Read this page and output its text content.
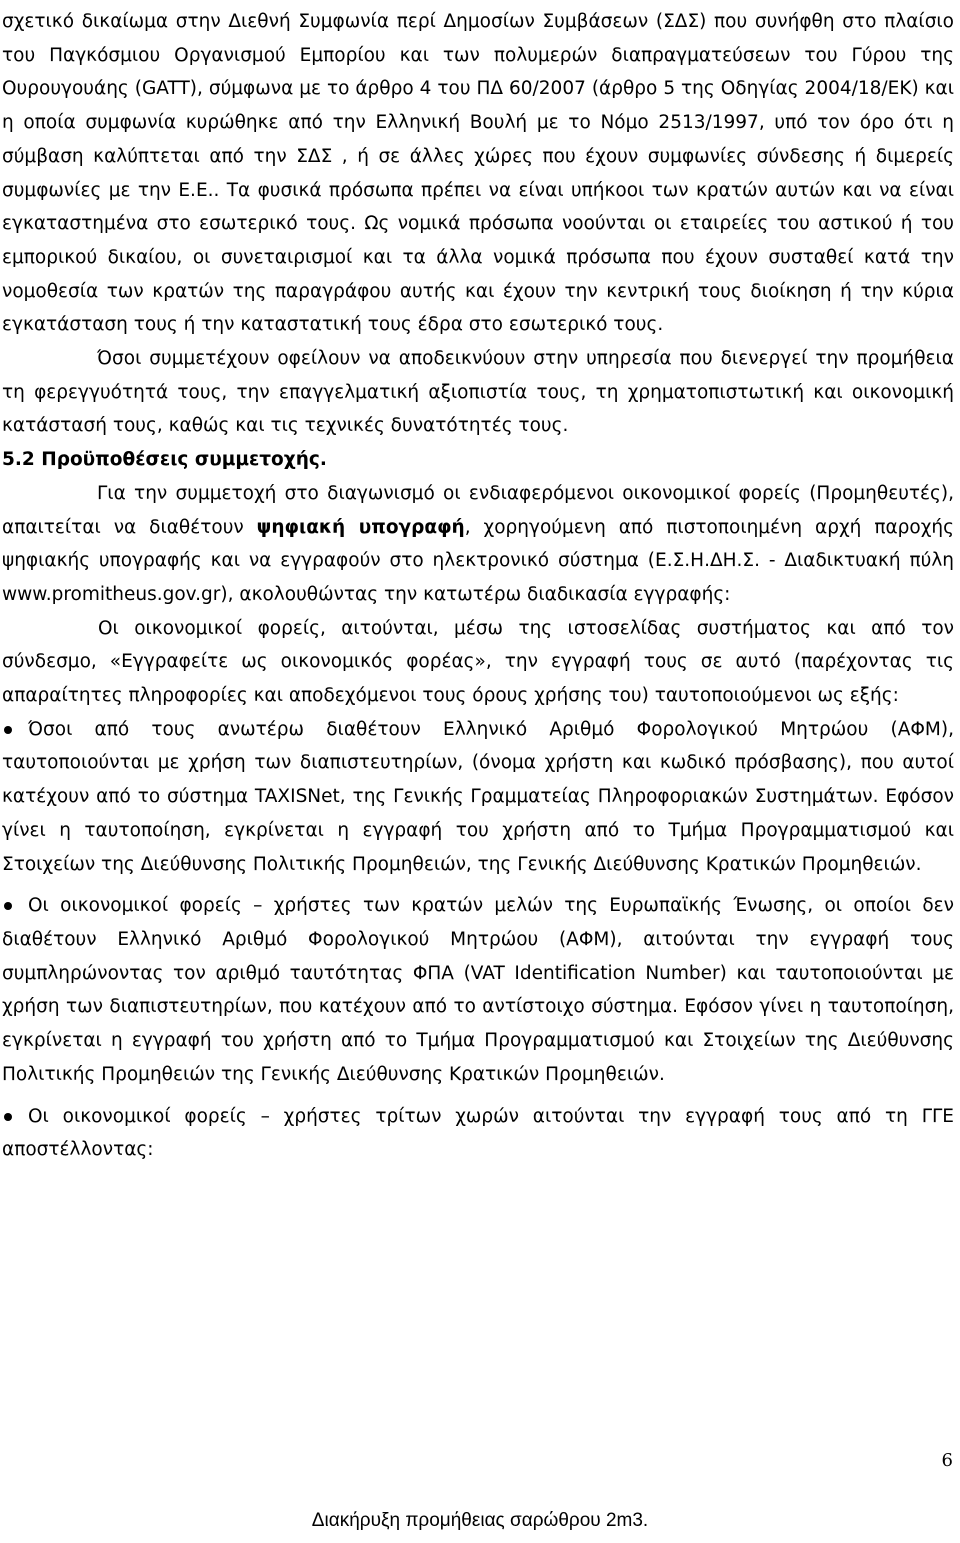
σχετικό δικαίωμα στην Διεθνή Συμφωνία περί Δημοσίων Συμβάσεων (ΣΔΣ) που συνήφθη στο πλαίσιο του Παγκόσμιου Οργανισμού Εμπορίου και των πολυμερών διαπραγματεύσεων του Γύρου της Ουρουγουάης (GATT), σύμφωνα με το άρθρο 4 του ΠΔ 60/2007 (άρθρο 5 της Οδηγίας 2004/18/ΕΚ) και η οποία συμφωνία κυρώθηκε από την Ελληνική Βουλή με το Νόμο 2513/1997, υπό τον όρο ότι η σύμβαση καλύπτεται από την ΣΔΣ , ή σε άλλες χώρες που έχουν συμφωνίες σύνδεσης ή διμερείς συμφωνίες με την Ε.Ε.. Τα φυσικά πρόσωπα πρέπει να είναι υπήκοοι των κρατών αυτών και να είναι εγκαταστημένα στο εσωτερικό τους. Ως νομικά πρόσωπα νοούνται οι εταιρείες του αστικού ή του εμπορικού δικαίου, οι συνεταιρισμοί και τα άλλα νομικά πρόσωπα που έχουν συσταθεί κατά την νομοθεσία των κρατών της παραγράφου αυτής και έχουν την κεντρική τους διοίκηση ή την κύρια εγκατάσταση τους ή την καταστατική τους έδρα στο εσωτερικό τους.

Όσοι συμμετέχουν οφείλουν να αποδεικνύουν στην υπηρεσία που διενεργεί την προμήθεια τη φερεγγυότητά τους, την επαγγελματική αξιοπιστία τους, τη χρηματοπιστωτική και οικονομική κατάστασή τους, καθώς και τις τεχνικές δυνατότητές τους.

5.2 Προϋποθέσεις συμμετοχής.

Για την συμμετοχή στο διαγωνισμό οι ενδιαφερόμενοι οικονομικοί φορείς (Προμηθευτές), απαιτείται να διαθέτουν ψηφιακή υπογραφή, χορηγούμενη από πιστοποιημένη αρχή παροχής ψηφιακής υπογραφής και να εγγραφούν στο ηλεκτρονικό σύστημα (Ε.Σ.Η.ΔΗ.Σ. - Διαδικτυακή πύλη www.promitheus.gov.gr), ακολουθώντας την κατωτέρω διαδικασία εγγραφής:

Οι οικονομικοί φορείς, αιτούνται, μέσω της ιστοσελίδας συστήματος και από τον σύνδεσμο, «Εγγραφείτε ως οικονομικός φορέας», την εγγραφή τους σε αυτό (παρέχοντας τις απαραίτητες πληροφορίες και αποδεχόμενοι τους όρους χρήσης του) ταυτοποιούμενοι ως εξής:

Όσοι από τους ανωτέρω διαθέτουν Ελληνικό Αριθμό Φορολογικού Μητρώου (ΑΦΜ), ταυτοποιούνται με χρήση των διαπιστευτηρίων, (όνομα χρήστη και κωδικό πρόσβασης), που αυτοί κατέχουν από το σύστημα TAXISNet, της Γενικής Γραμματείας Πληροφοριακών Συστημάτων. Εφόσον γίνει η ταυτοποίηση, εγκρίνεται η εγγραφή του χρήστη από το Τμήμα Προγραμματισμού και Στοιχείων της Διεύθυνσης Πολιτικής Προμηθειών, της Γενικής Διεύθυνσης Κρατικών Προμηθειών.

Οι οικονομικοί φορείς – χρήστες των κρατών μελών της Ευρωπαϊκής Ένωσης, οι οποίοι δεν διαθέτουν Ελληνικό Αριθμό Φορολογικού Μητρώου (ΑΦΜ), αιτούνται την εγγραφή τους συμπληρώνοντας τον αριθμό ταυτότητας ΦΠΑ (VAT Identification Number) και ταυτοποιούνται με χρήση των διαπιστευτηρίων, που κατέχουν από το αντίστοιχο σύστημα. Εφόσον γίνει η ταυτοποίηση, εγκρίνεται η εγγραφή του χρήστη από το Τμήμα Προγραμματισμού και Στοιχείων της Διεύθυνσης Πολιτικής Προμηθειών της Γενικής Διεύθυνσης Κρατικών Προμηθειών.

Οι οικονομικοί φορείς – χρήστες τρίτων χωρών αιτούνται την εγγραφή τους από τη ΓΓΕ αποστέλλοντας:

6
Διακήρυξη προμήθειας σαρώθρου 2m3.
